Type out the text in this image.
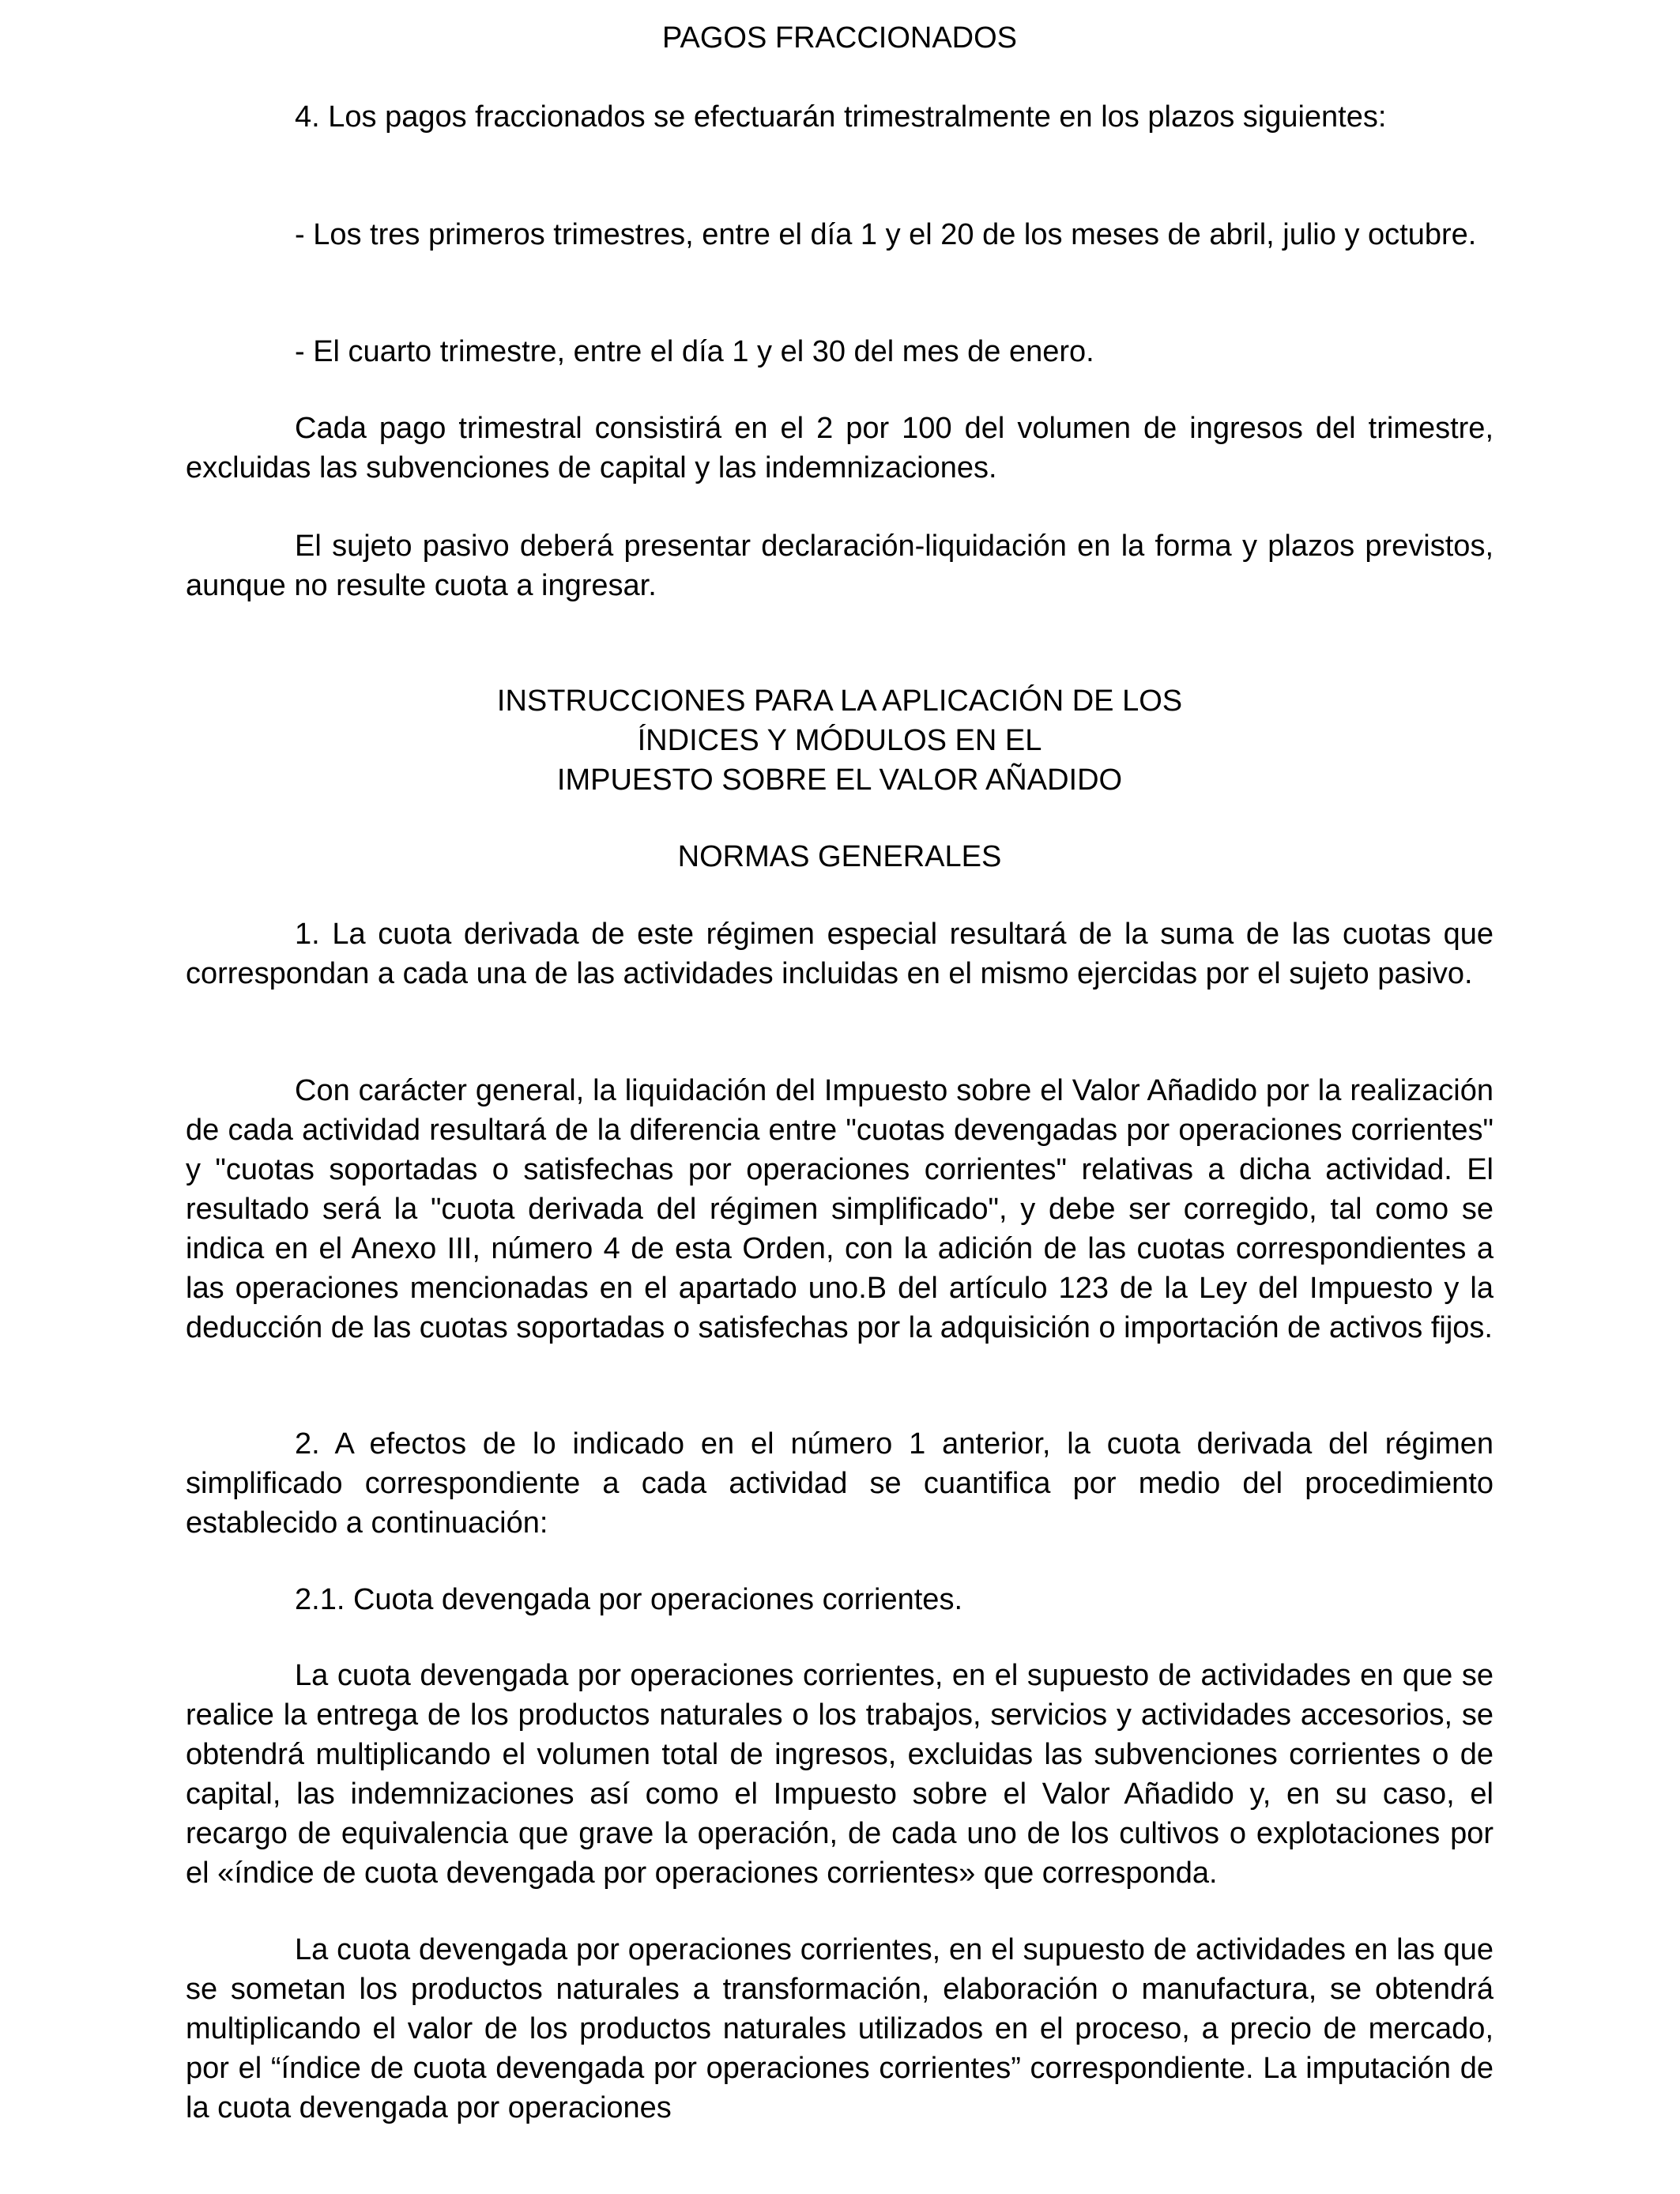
PAGOS FRACCIONADOS

4. Los pagos fraccionados se efectuarán trimestralmente en los plazos siguientes:

- Los tres primeros trimestres, entre el día 1 y el 20 de los meses de abril, julio y octubre.

- El cuarto trimestre, entre el día 1 y el 30 del mes de enero.

Cada pago trimestral consistirá en el 2 por 100 del volumen de ingresos del trimestre, excluidas las subvenciones de capital y las indemnizaciones.

El sujeto pasivo deberá presentar declaración-liquidación en la forma y plazos previstos, aunque no resulte cuota a ingresar.

INSTRUCCIONES PARA LA APLICACIÓN DE LOS
ÍNDICES Y MÓDULOS EN EL
IMPUESTO SOBRE EL VALOR AÑADIDO
NORMAS GENERALES

1. La cuota derivada de este régimen especial resultará de la suma de las cuotas que correspondan a cada una de las actividades incluidas en el mismo ejercidas por el sujeto pasivo.

Con carácter general, la liquidación del Impuesto sobre el Valor Añadido por la realización de cada actividad resultará de la diferencia entre "cuotas devengadas por operaciones corrientes" y "cuotas soportadas o satisfechas por operaciones corrientes" relativas a dicha actividad. El resultado será la "cuota derivada del régimen simplificado", y debe ser corregido, tal como se indica en el Anexo III, número 4 de esta Orden, con la adición de las cuotas correspondientes a las operaciones mencionadas en el apartado uno.B del artículo 123 de la Ley del Impuesto y la deducción de las cuotas soportadas o satisfechas por la adquisición o importación de activos fijos.

2. A efectos de lo indicado en el número 1 anterior, la cuota derivada del régimen simplificado correspondiente a cada actividad se cuantifica por medio del procedimiento establecido a continuación:

2.1. Cuota devengada por operaciones corrientes.

La cuota devengada por operaciones corrientes, en el supuesto de actividades en que se realice la entrega de los productos naturales o los trabajos, servicios y actividades accesorios, se obtendrá multiplicando el volumen total de ingresos, excluidas las subvenciones corrientes o de capital, las indemnizaciones así como el Impuesto sobre el Valor Añadido y, en su caso, el recargo de equivalencia que grave la operación, de cada uno de los cultivos o explotaciones por el «índice de cuota devengada por operaciones corrientes» que corresponda.

La cuota devengada por operaciones corrientes, en el supuesto de actividades en las que se sometan los productos naturales a transformación, elaboración o manufactura, se obtendrá multiplicando el valor de los productos naturales utilizados en el proceso, a precio de mercado, por el “índice de cuota devengada por operaciones corrientes” correspondiente. La imputación de la cuota devengada por operaciones
